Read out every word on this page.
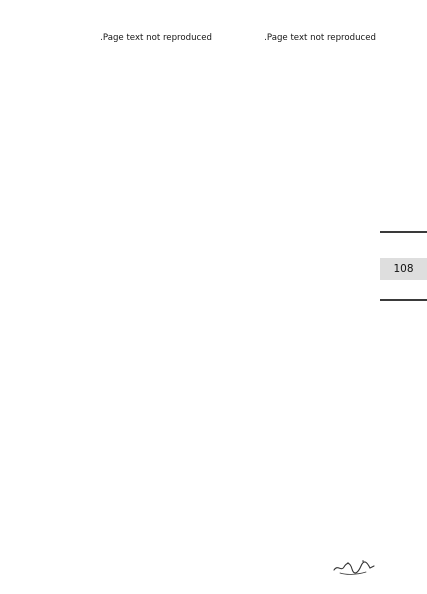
Page text not reproduced.

Page text not reproduced.

108
